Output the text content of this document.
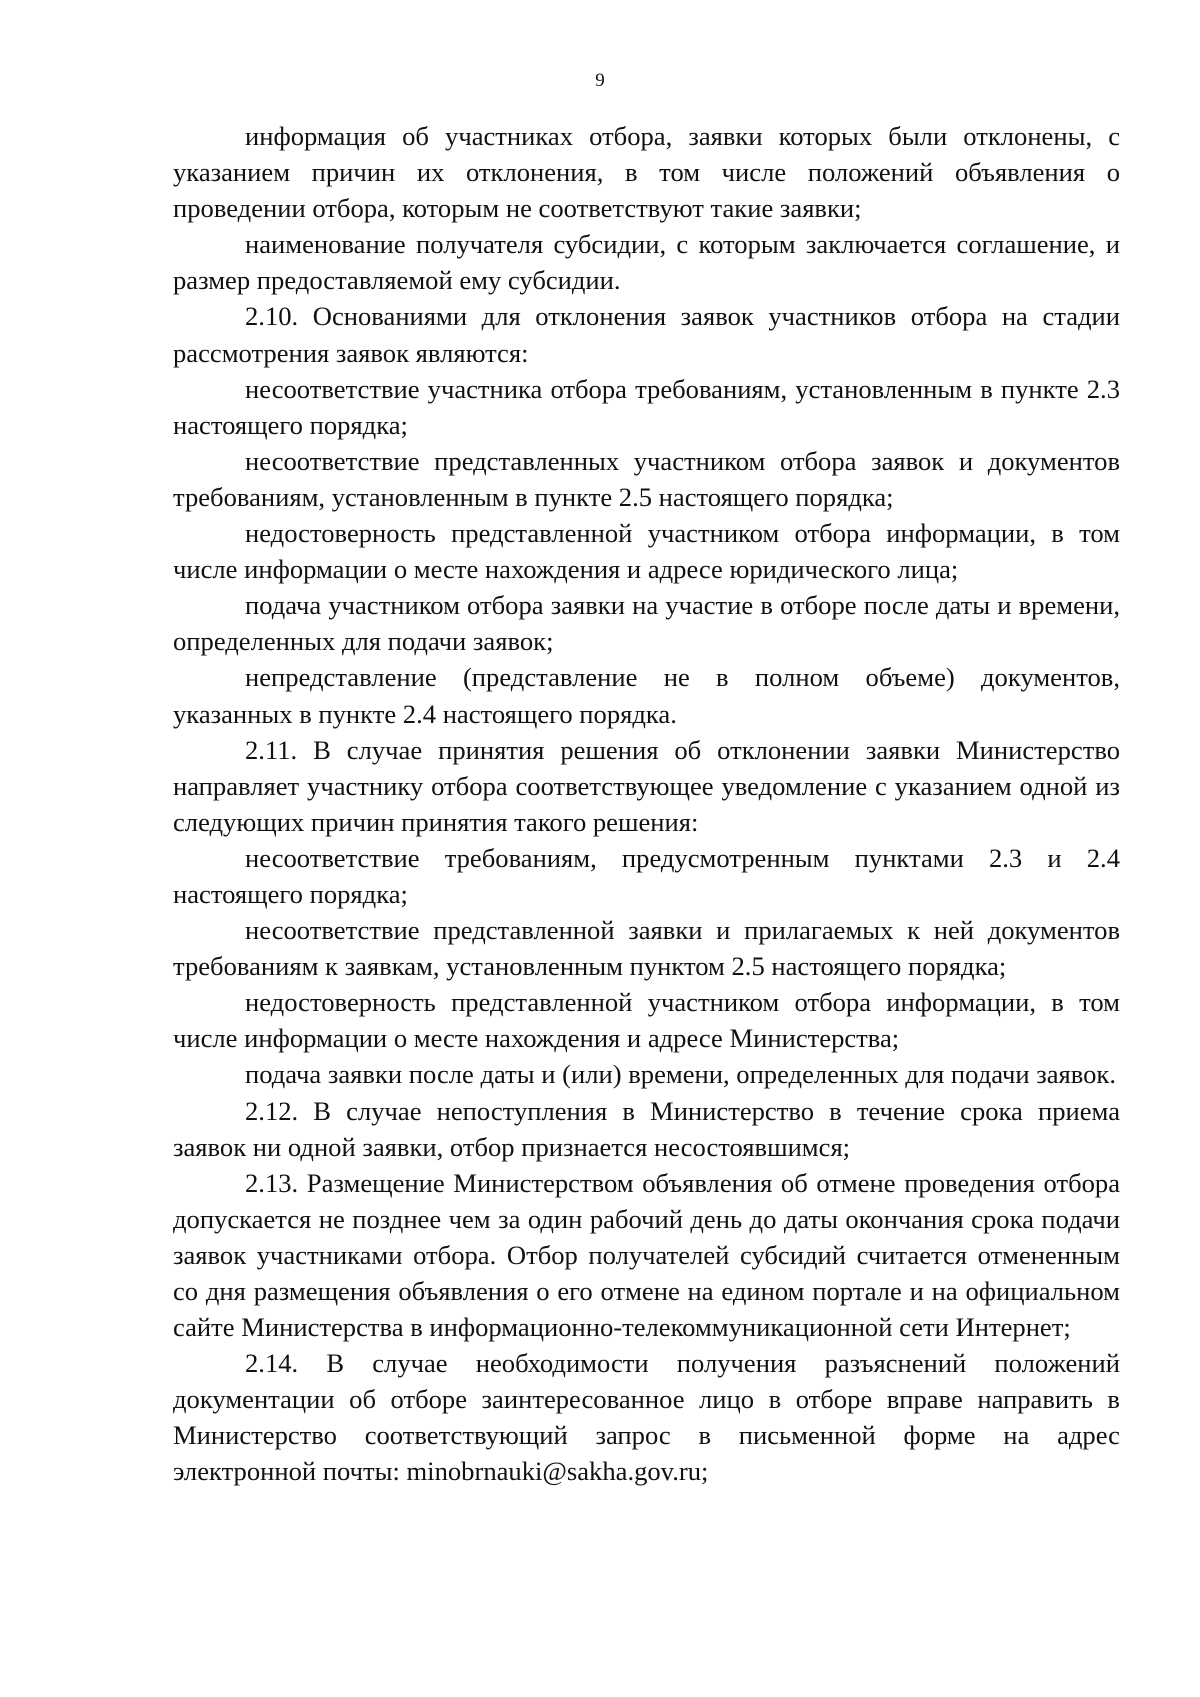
9

информация об участниках отбора, заявки которых были отклонены, с указанием причин их отклонения, в том числе положений объявления о проведении отбора, которым не соответствуют такие заявки;

наименование получателя субсидии, с которым заключается соглашение, и размер предоставляемой ему субсидии.

2.10. Основаниями для отклонения заявок участников отбора на стадии рассмотрения заявок являются:

несоответствие участника отбора требованиям, установленным в пункте 2.3 настоящего порядка;

несоответствие представленных участником отбора заявок и документов требованиям, установленным в пункте 2.5 настоящего порядка;

недостоверность представленной участником отбора информации, в том числе информации о месте нахождения и адресе юридического лица;

подача участником отбора заявки на участие в отборе после даты и времени, определенных для подачи заявок;

непредставление (представление не в полном объеме) документов, указанных в пункте 2.4 настоящего порядка.

2.11. В случае принятия решения об отклонении заявки Министерство направляет участнику отбора соответствующее уведомление с указанием одной из следующих причин принятия такого решения:

несоответствие требованиям, предусмотренным пунктами 2.3 и 2.4 настоящего порядка;

несоответствие представленной заявки и прилагаемых к ней документов требованиям к заявкам, установленным пунктом 2.5 настоящего порядка;

недостоверность представленной участником отбора информации, в том числе информации о месте нахождения и адресе Министерства;

подача заявки после даты и (или) времени, определенных для подачи заявок.

2.12. В случае непоступления в Министерство в течение срока приема заявок ни одной заявки, отбор признается несостоявшимся;

2.13. Размещение Министерством объявления об отмене проведения отбора допускается не позднее чем за один рабочий день до даты окончания срока подачи заявок участниками отбора. Отбор получателей субсидий считается отмененным со дня размещения объявления о его отмене на едином портале и на официальном сайте Министерства в информационно-телекоммуникационной сети Интернет;

2.14. В случае необходимости получения разъяснений положений документации об отборе заинтересованное лицо в отборе вправе направить в Министерство соответствующий запрос в письменной форме на адрес электронной почты: minobrnauki@sakha.gov.ru;
